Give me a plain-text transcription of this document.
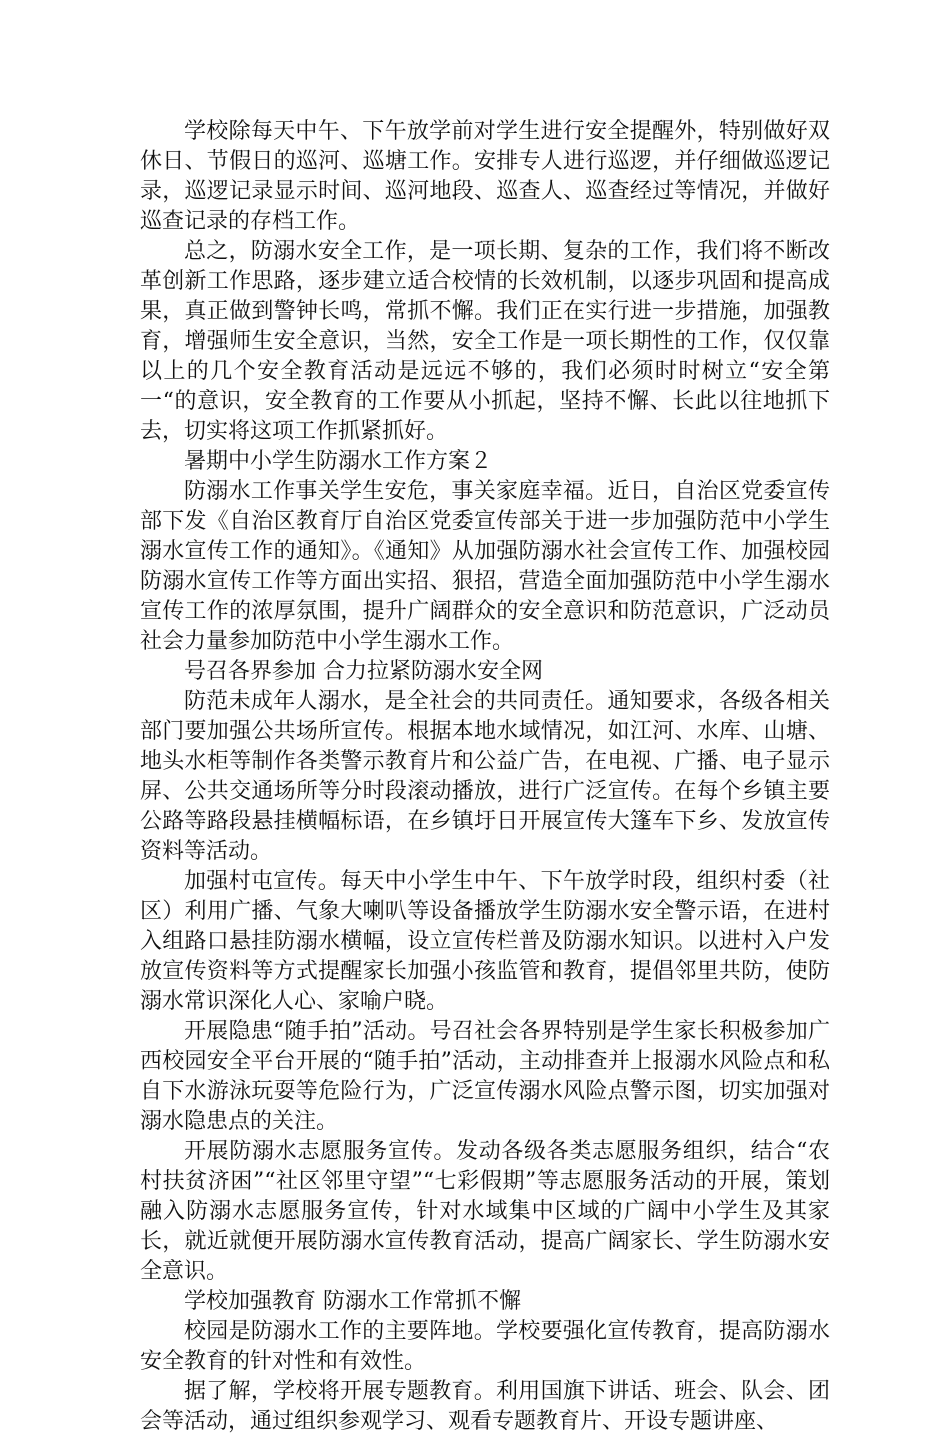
学校除每天中午、下午放学前对学生进行安全提醒外，特别做好双休日、节假日的巡河、巡塘工作。安排专人进行巡逻，并仔细做巡逻记录，巡逻记录显示时间、巡河地段、巡查人、巡查经过等情况，并做好巡查记录的存档工作。

总之，防溺水安全工作，是一项长期、复杂的工作，我们将不断改革创新工作思路，逐步建立适合校情的长效机制，以逐步巩固和提高成果，真正做到警钟长鸣，常抓不懈。我们正在实行进一步措施，加强教育，增强师生安全意识，当然，安全工作是一项长期性的工作，仅仅靠以上的几个安全教育活动是远远不够的，我们必须时时树立“安全第一“的意识，安全教育的工作要从小抓起，坚持不懈、长此以往地抓下去，切实将这项工作抓紧抓好。

暑期中小学生防溺水工作方案２

防溺水工作事关学生安危，事关家庭幸福。近日，自治区党委宣传部下发《自治区教育厅自治区党委宣传部关于进一步加强防范中小学生溺水宣传工作的通知》。《通知》从加强防溺水社会宣传工作、加强校园防溺水宣传工作等方面出实招、狠招，营造全面加强防范中小学生溺水宣传工作的浓厚氛围，提升广阔群众的安全意识和防范意识，广泛动员社会力量参加防范中小学生溺水工作。

号召各界参加 合力拉紧防溺水安全网

防范未成年人溺水，是全社会的共同责任。通知要求，各级各相关部门要加强公共场所宣传。根据本地水域情况，如江河、水库、山塘、地头水柜等制作各类警示教育片和公益广告，在电视、广播、电子显示屏、公共交通场所等分时段滚动播放，进行广泛宣传。在每个乡镇主要公路等路段悬挂横幅标语，在乡镇圩日开展宣传大篷车下乡、发放宣传资料等活动。

加强村屯宣传。每天中小学生中午、下午放学时段，组织村委（社区）利用广播、气象大喇叭等设备播放学生防溺水安全警示语，在进村入组路口悬挂防溺水横幅，设立宣传栏普及防溺水知识。以进村入户发放宣传资料等方式提醒家长加强小孩监管和教育，提倡邻里共防，使防溺水常识深化人心、家喻户晓。

开展隐患“随手拍”活动。号召社会各界特别是学生家长积极参加广西校园安全平台开展的“随手拍”活动，主动排查并上报溺水风险点和私自下水游泳玩耍等危险行为，广泛宣传溺水风险点警示图，切实加强对溺水隐患点的关注。

开展防溺水志愿服务宣传。发动各级各类志愿服务组织，结合“农村扶贫济困”“社区邻里守望”“七彩假期”等志愿服务活动的开展，策划融入防溺水志愿服务宣传，针对水域集中区域的广阔中小学生及其家长，就近就便开展防溺水宣传教育活动，提高广阔家长、学生防溺水安全意识。

学校加强教育 防溺水工作常抓不懈

校园是防溺水工作的主要阵地。学校要强化宣传教育，提高防溺水安全教育的针对性和有效性。

据了解，学校将开展专题教育。利用国旗下讲话、班会、队会、团会等活动，通过组织参观学习、观看专题教育片、开设专题讲座、
